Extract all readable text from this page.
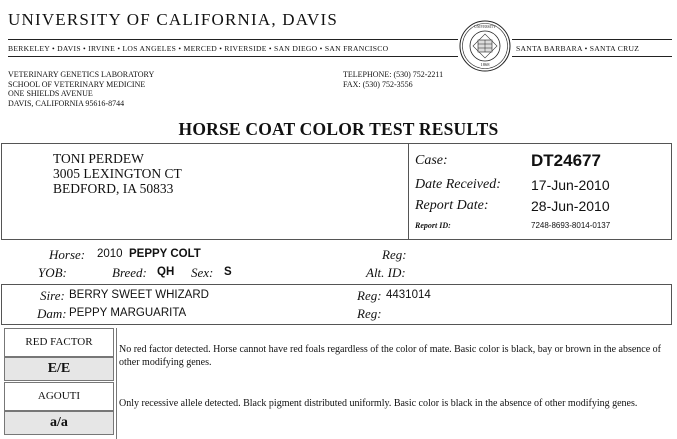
UNIVERSITY OF CALIFORNIA, DAVIS
BERKELEY • DAVIS • IRVINE • LOS ANGELES • MERCED • RIVERSIDE • SAN DIEGO • SAN FRANCISCO	SANTA BARBARA • SANTA CRUZ
1868
UNIVERSITY
VETERINARY GENETICS LABORATORY
SCHOOL OF VETERINARY MEDICINE
ONE SHIELDS AVENUE
DAVIS, CALIFORNIA 95616-8744
TELEPHONE: (530) 752-2211
FAX: (530) 752-3556
HORSE COAT COLOR TEST RESULTS
TONI PERDEW
3005 LEXINGTON CT
BEDFORD, IA 50833
Case:	DT24677
Date Received: 17-Jun-2010
Report Date:	28-Jun-2010
Report ID:	7248-8693-8014-0137
Horse: 2010 PEPPY COLT	Reg:
YOB:	Breed: QH Sex: S	Alt. ID:
Sire: BERRY SWEET WHIZARD	Reg: 4431014
Dam: PEPPY MARGUARITA	Reg:
RED FACTOR
E/E
No red factor detected. Horse cannot have red foals regardless of the color of mate. Basic color is black, bay or brown in the absence of other modifying genes.
AGOUTI
a/a
Only recessive allele detected. Black pigment distributed uniformly. Basic color is black in the absence of other modifying genes.
